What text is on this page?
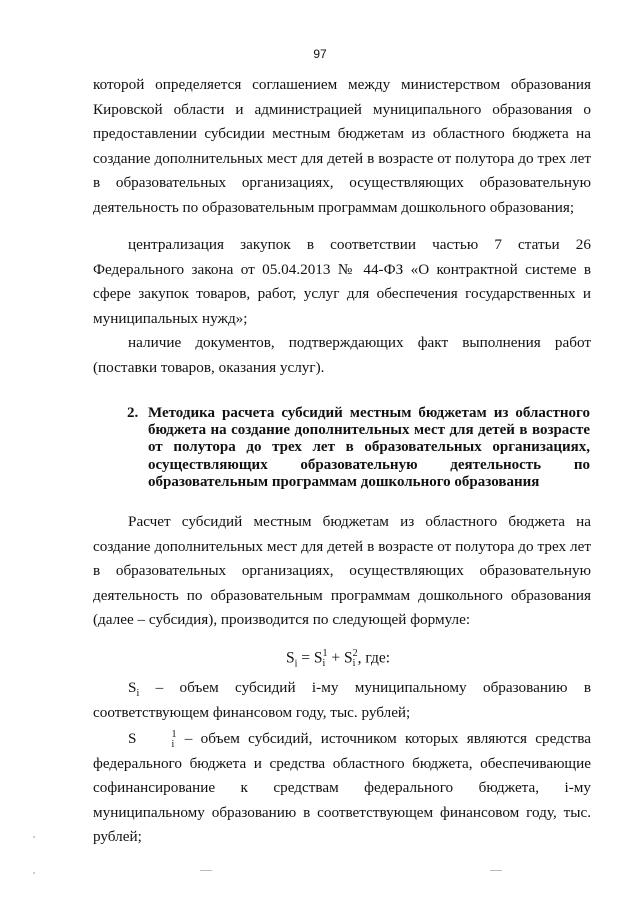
97

которой определяется соглашением между министерством образования Кировской области и администрацией муниципального образования о предоставлении субсидии местным бюджетам из областного бюджета на создание дополнительных мест для детей в возрасте от полутора до трех лет в образовательных организациях, осуществляющих образовательную деятельность по образовательным программам дошкольного образования;

централизация закупок в соответствии частью 7 статьи 26 Федерального закона от 05.04.2013 № 44-ФЗ «О контрактной системе в сфере закупок товаров, работ, услуг для обеспечения государственных и муниципальных нужд»;

наличие документов, подтверждающих факт выполнения работ (поставки товаров, оказания услуг).

2. Методика расчета субсидий местным бюджетам из областного бюджета на создание дополнительных мест для детей в возрасте от полутора до трех лет в образовательных организациях, осуществляющих образовательную деятельность по образовательным программам дошкольного образования

Расчет субсидий местным бюджетам из областного бюджета на создание дополнительных мест для детей в возрасте от полутора до трех лет в образовательных организациях, осуществляющих образовательную деятельность по образовательным программам дошкольного образования (далее – субсидия), производится по следующей формуле:

$S_i = S$ 1
i + S 2
i , где:

$S_i$ – объем субсидий i-му муниципальному образованию в соответствующем финансовом году, тыс. рублей;

S	1
i – объем субсидий, источником которых являются средства федерального бюджета и средства областного бюджета, обеспечивающие софинансирование к средствам федерального бюджета, i-му муниципальному образованию в соответствующем финансовом году, тыс. рублей;
